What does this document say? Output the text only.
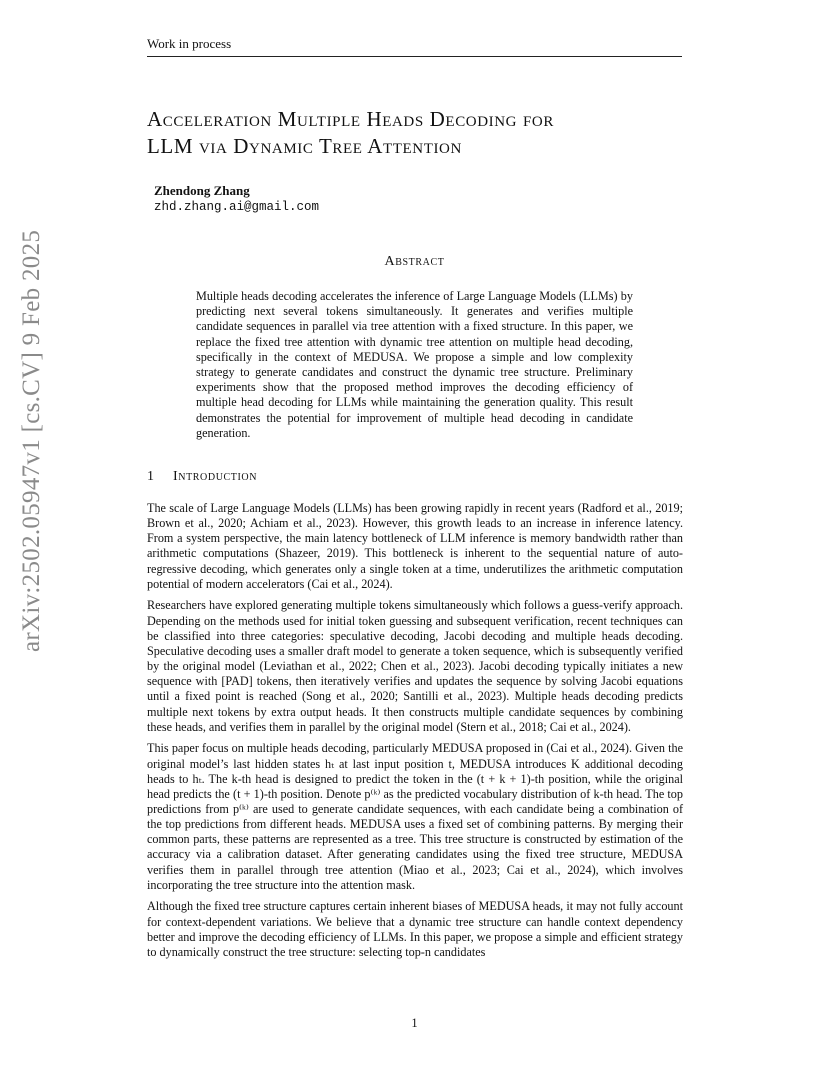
arXiv:2502.05947v1 [cs.CV] 9 Feb 2025
Work in process
Acceleration Multiple Heads Decoding for
LLM via Dynamic Tree Attention
Zhendong Zhang
zhd.zhang.ai@gmail.com
Abstract

Multiple heads decoding accelerates the inference of Large Language Models (LLMs) by predicting next several tokens simultaneously. It generates and verifies multiple candidate sequences in parallel via tree attention with a fixed structure. In this paper, we replace the fixed tree attention with dynamic tree attention on multiple head decoding, specifically in the context of MEDUSA. We propose a simple and low complexity strategy to generate candidates and construct the dynamic tree structure. Preliminary experiments show that the proposed method improves the decoding efficiency of multiple head decoding for LLMs while maintaining the generation quality. This result demonstrates the potential for improvement of multiple head decoding in candidate generation.

1 Introduction

The scale of Large Language Models (LLMs) has been growing rapidly in recent years (Radford et al., 2019; Brown et al., 2020; Achiam et al., 2023). However, this growth leads to an increase in inference latency. From a system perspective, the main latency bottleneck of LLM inference is memory bandwidth rather than arithmetic computations (Shazeer, 2019). This bottleneck is inherent to the sequential nature of auto-regressive decoding, which generates only a single token at a time, underutilizes the arithmetic computation potential of modern accelerators (Cai et al., 2024).

Researchers have explored generating multiple tokens simultaneously which follows a guess-verify approach. Depending on the methods used for initial token guessing and subsequent verification, recent techniques can be classified into three categories: speculative decoding, Jacobi decoding and multiple heads decoding. Speculative decoding uses a smaller draft model to generate a token sequence, which is subsequently verified by the original model (Leviathan et al., 2022; Chen et al., 2023). Jacobi decoding typically initiates a new sequence with [PAD] tokens, then iteratively verifies and updates the sequence by solving Jacobi equations until a fixed point is reached (Song et al., 2020; Santilli et al., 2023). Multiple heads decoding predicts multiple next tokens by extra output heads. It then constructs multiple candidate sequences by combining these heads, and verifies them in parallel by the original model (Stern et al., 2018; Cai et al., 2024).

This paper focus on multiple heads decoding, particularly MEDUSA proposed in (Cai et al., 2024). Given the original model’s last hidden states hₜ at last input position t, MEDUSA introduces K additional decoding heads to hₜ. The k-th head is designed to predict the token in the (t + k + 1)-th position, while the original head predicts the (t + 1)-th position. Denote p⁽ᵏ⁾ as the predicted vocabulary distribution of k-th head. The top predictions from p⁽ᵏ⁾ are used to generate candidate sequences, with each candidate being a combination of the top predictions from different heads. MEDUSA uses a fixed set of combining patterns. By merging their common parts, these patterns are represented as a tree. This tree structure is constructed by estimation of the accuracy via a calibration dataset. After generating candidates using the fixed tree structure, MEDUSA verifies them in parallel through tree attention (Miao et al., 2023; Cai et al., 2024), which involves incorporating the tree structure into the attention mask.

Although the fixed tree structure captures certain inherent biases of MEDUSA heads, it may not fully account for context-dependent variations. We believe that a dynamic tree structure can handle context dependency better and improve the decoding efficiency of LLMs. In this paper, we propose a simple and efficient strategy to dynamically construct the tree structure: selecting top-n candidates

1
